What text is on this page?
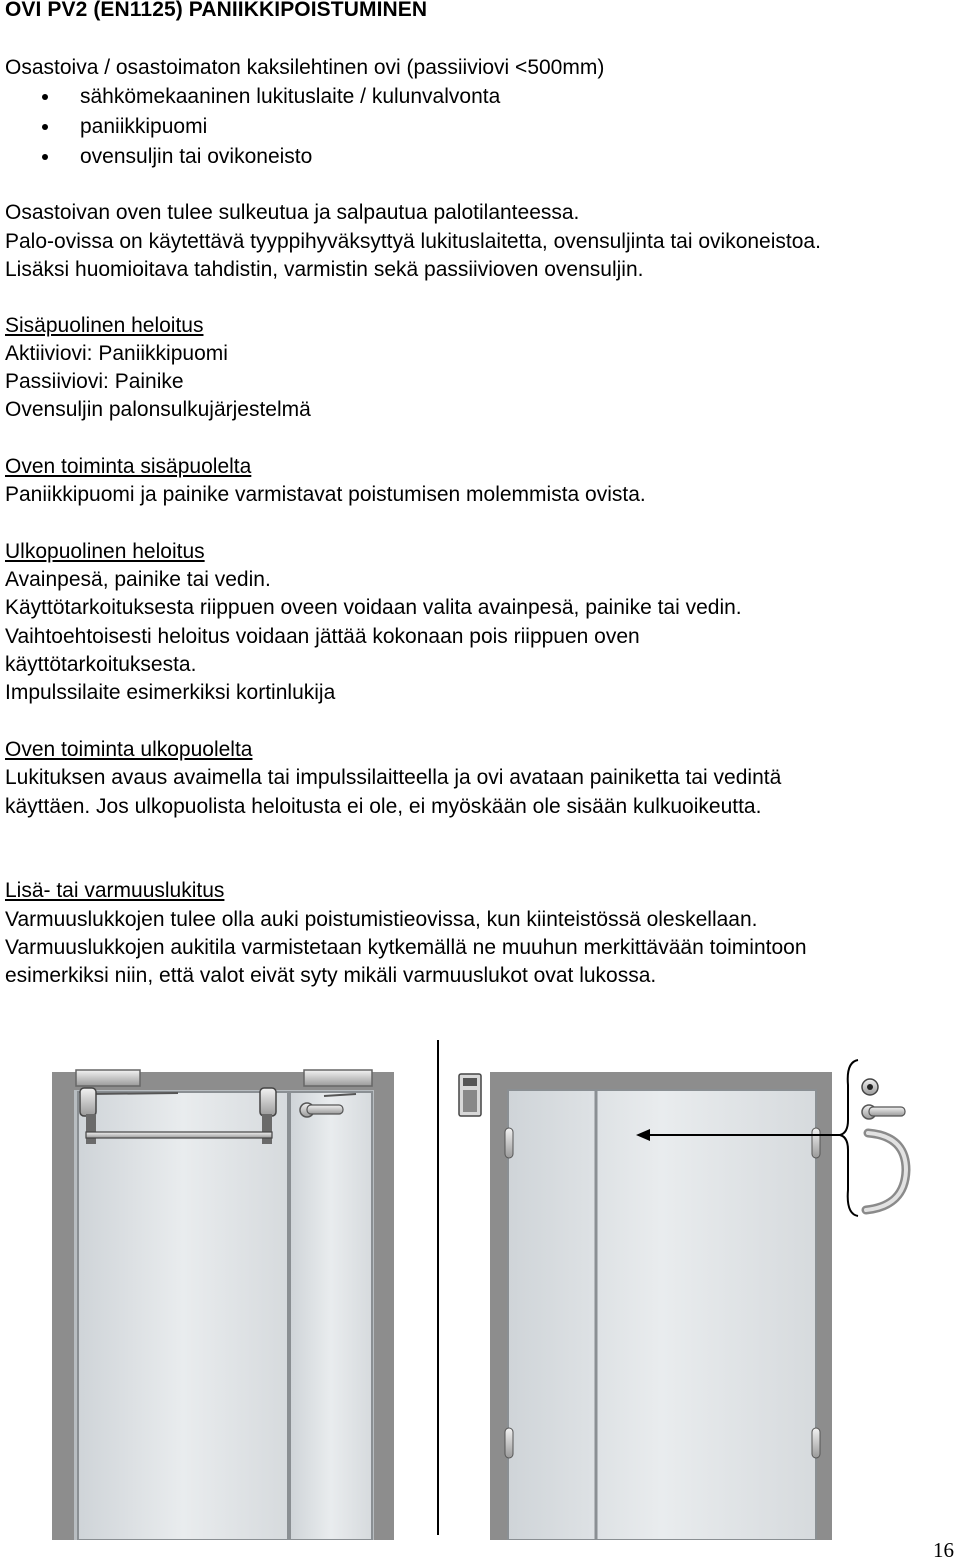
OVI PV2 (EN1125) PANIIKKIPOISTUMINEN
Osastoiva / osastoimaton kaksilehtinen ovi (passiiviovi <500mm)
sähkömekaaninen lukituslaite / kulunvalvonta
paniikkipuomi
ovensuljin tai ovikoneisto
Osastoivan oven tulee sulkeutua ja salpautua palotilanteessa.
Palo-ovissa on käytettävä tyyppihyväksyttyä lukituslaitetta, ovensuljinta tai ovikoneistoa.
Lisäksi huomioitava tahdistin, varmistin sekä passiivioven ovensuljin.
Sisäpuolinen heloitus
Aktiiviovi: Paniikkipuomi
Passiiviovi: Painike
Ovensuljin palonsulkujärjestelmä
Oven toiminta sisäpuolelta
Paniikkipuomi ja painike varmistavat poistumisen molemmista ovista.
Ulkopuolinen heloitus
Avainpesä, painike tai vedin.
Käyttötarkoituksesta riippuen oveen voidaan valita avainpesä, painike tai vedin.
Vaihtoehtoisesti heloitus voidaan jättää kokonaan pois riippuen oven
käyttötarkoituksesta.
Impulssilaite esimerkiksi kortinlukija
Oven toiminta ulkopuolelta
Lukituksen avaus avaimella tai impulssilaitteella ja ovi avataan painiketta tai vedintä
käyttäen. Jos ulkopuolista heloitusta ei ole, ei myöskään ole sisään kulkuoikeutta.
Lisä- tai varmuuslukitus
Varmuuslukkojen tulee olla auki poistumistieovissa, kun kiinteistössä oleskellaan.
Varmuuslukkojen aukitila varmistetaan kytkemällä ne muuhun merkittävään toimintoon
esimerkiksi niin, että valot eivät syty mikäli varmuuslukot ovat lukossa.
16
